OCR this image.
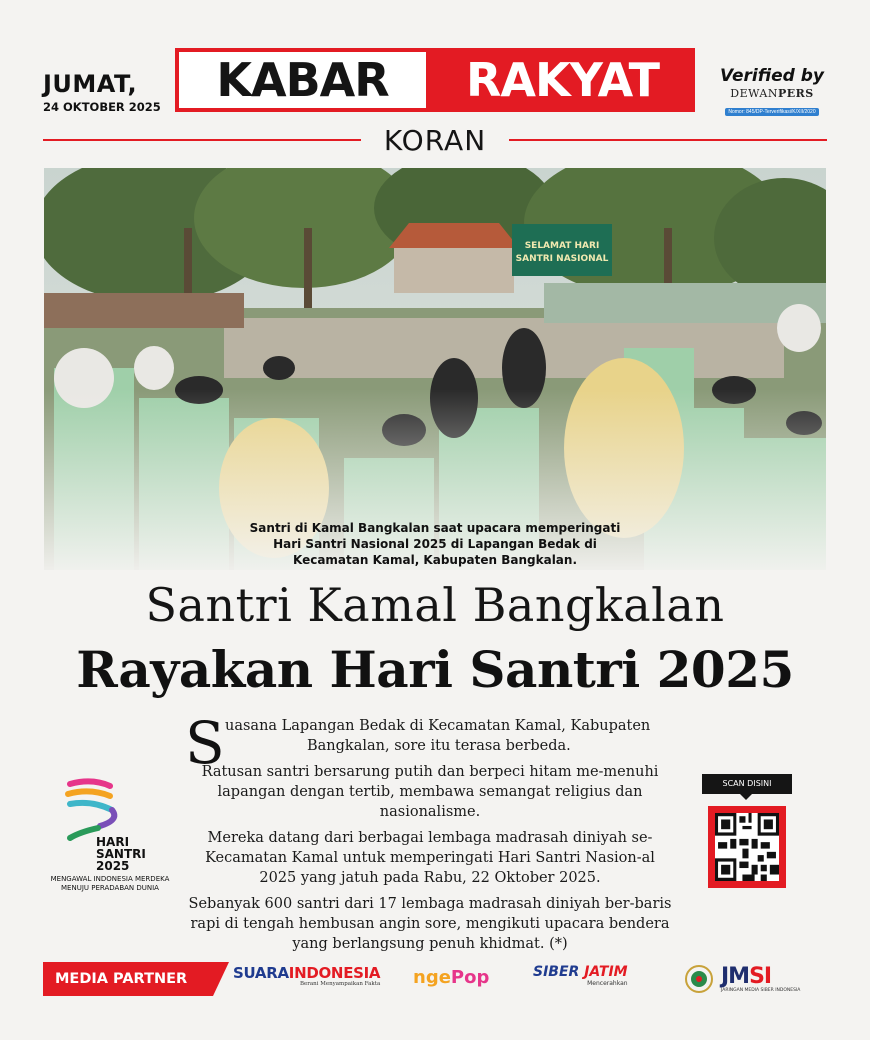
JUMAT,
24 OKTOBER 2025 KABAR RAKYAT
KORAN
Verified by
DEWANPERS
Nomor: 845/DP-Terverifikasi/K/XII/2020

Santri di Kamal Bangkalan saat upacara memperingati

Hari Santri Nasional 2025 di Lapangan Bedak di

Kecamatan Kamal, Kabupaten Bangkalan.

Santri Kamal Bangkalan
Rayakan Hari Santri 2025
S uasana Lapangan Bedak di Kecamatan Kamal, Kabupaten

Bangkalan, sore itu terasa berbeda.

Ratusan santri bersarung putih dan berpeci hitam me-menuhi lapangan dengan tertib, membawa semangat religius dan nasionalisme.

Mereka datang dari berbagai lembaga madrasah diniyah se-Kecamatan Kamal untuk memperingati Hari Santri Nasion-al 2025 yang jatuh pada Rabu, 22 Oktober 2025.

Sebanyak 600 santri dari 17 lembaga madrasah diniyah ber-baris rapi di tengah hembusan angin sore, mengikuti upacara bendera yang berlangsung penuh khidmat. (*)

HARI
SANTRI
2025
MENGAWAL INDONESIA MERDEKA
MENUJU PERADABAN DUNIA
SCAN DISINI
MEDIA PARTNER	SUARAINDONESIA
Berani Menyampaikan Fakta ngePop	SIBER JATIM
Mencerahkan	JMSI
JARINGAN MEDIA SIBER INDONESIA
